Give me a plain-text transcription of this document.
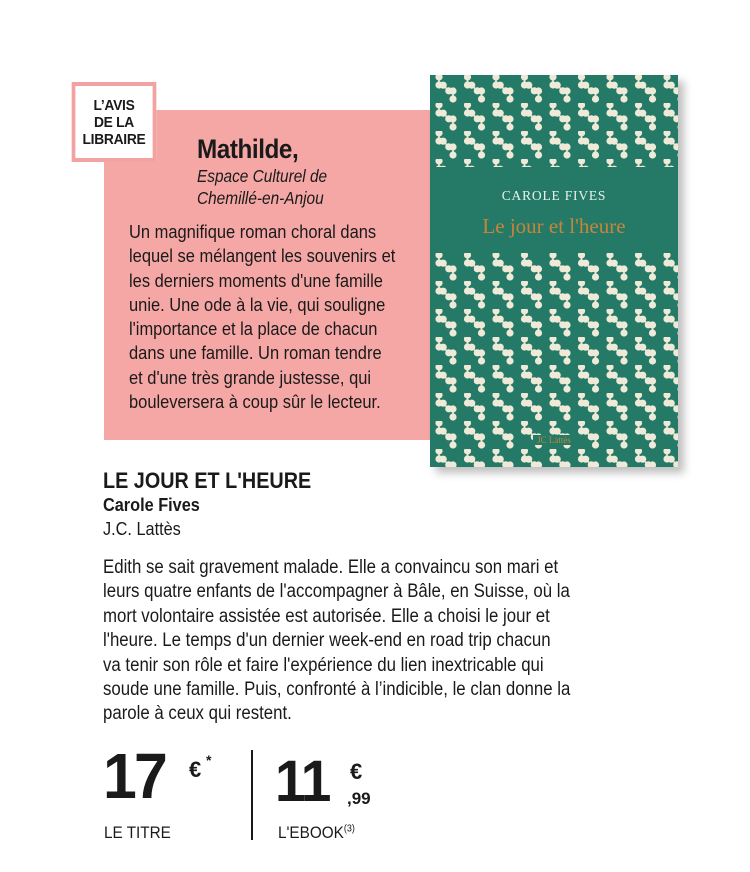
L’AVIS
DE LA
LIBRAIRE Mathilde,
Espace Culturel de
Chemillé-en-Anjou

Un magnifique roman choral dans
lequel se mélangent les souvenirs et
les derniers moments d'une famille
unie. Une ode à la vie, qui souligne
l'importance et la place de chacun
dans une famille. Un roman tendre
et d'une très grande justesse, qui
bouleversera à coup sûr le lecteur.

CAROLE FIVES
Le jour et l'heure
JC Lattès
LE JOUR ET L'HEURE
Carole Fives
J.C. Lattès

Edith se sait gravement malade. Elle a convaincu son mari et
leurs quatre enfants de l'accompagner à Bâle, en Suisse, où la
mort volontaire assistée est autorisée. Elle a choisi le jour et
l'heure. Le temps d'un dernier week-end en road trip chacun
va tenir son rôle et faire l'expérience du lien inextricable qui
soude une famille. Puis, confronté à l’indicible, le clan donne la
parole à ceux qui restent.

17 € *
LE TITRE
11 €
,99
L'EBOOK$^{(3)}$
